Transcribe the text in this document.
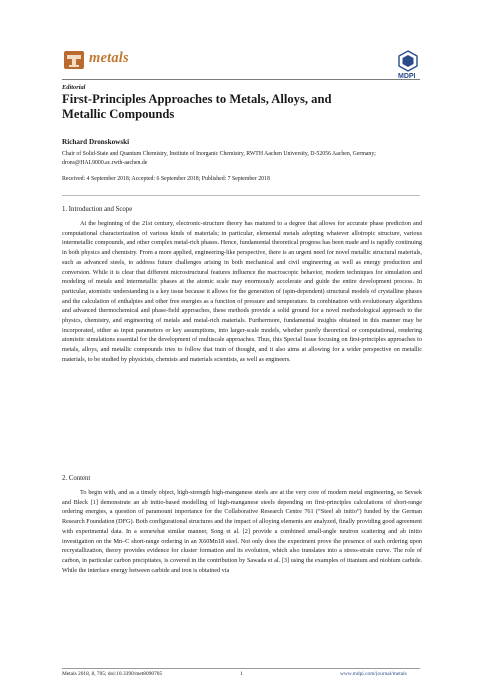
metals
MDPI
Editorial
First-Principles Approaches to Metals, Alloys, and Metallic Compounds
Richard Dronskowski
Chair of Solid-State and Quantum Chemistry, Institute of Inorganic Chemistry, RWTH Aachen University, D-52056 Aachen, Germany; drons@HAL9000.ac.rwth-aachen.de
Received: 4 September 2018; Accepted: 6 September 2018; Published: 7 September 2018
1. Introduction and Scope
At the beginning of the 21st century, electronic-structure theory has matured to a degree that allows for accurate phase prediction and computational characterization of various kinds of materials; in particular, elemental metals adopting whatever allotropic structure, various intermetallic compounds, and other complex metal-rich phases. Hence, fundamental theoretical progress has been made and is rapidly continuing in both physics and chemistry. From a more applied, engineering-like perspective, there is an urgent need for novel metallic structural materials, such as advanced steels, to address future challenges arising in both mechanical and civil engineering as well as energy production and conversion. While it is clear that different microstructural features influence the macroscopic behavior, modern techniques for simulation and modeling of metals and intermetallic phases at the atomic scale may enormously accelerate and guide the entire development process. In particular, atomistic understanding is a key issue because it allows for the generation of (spin-dependent) structural models of crystalline phases and the calculation of enthalpies and other free energies as a function of pressure and temperature. In combination with evolutionary algorithms and advanced thermochemical and phase-field approaches, these methods provide a solid ground for a novel methodological approach to the physics, chemistry, and engineering of metals and metal-rich materials. Furthermore, fundamental insights obtained in this manner may be incorporated, either as input parameters or key assumptions, into larger-scale models, whether purely theoretical or computational, rendering atomistic simulations essential for the development of multiscale approaches. Thus, this Special Issue focusing on first-principles approaches to metals, alloys, and metallic compounds tries to follow that train of thought, and it also aims at allowing for a wider perspective on metallic materials, to be studied by physicists, chemists and materials scientists, as well as engineers.
2. Content
To begin with, and as a timely object, high-strength high-manganese steels are at the very core of modern metal engineering, so Sevsek and Bleck [1] demonstrate an ab initio-based modelling of high-manganese steels depending on first-principles calculations of short-range ordering energies, a question of paramount importance for the Collaborative Research Centre 761 (“Steel ab initio”) funded by the German Research Foundation (DFG). Both configurational structures and the impact of alloying elements are analyzed, finally providing good agreement with experimental data. In a somewhat similar manner, Song et al. [2] provide a combined small-angle neutron scattering and ab initio investigation on the Mn–C short-range ordering in an X60Mn18 steel. Not only does the experiment prove the presence of such ordering upon recrystallization, theory provides evidence for cluster formation and its evolution, which also translates into a stress-strain curve. The role of carbon, in particular carbon precipitates, is covered in the contribution by Sawada et al. [3] using the examples of titanium and niobium carbide. While the interface energy between carbide and iron is obtained via
Metals 2018, 8, 705; doi:10.3390/met8090705	1	www.mdpi.com/journal/metals
